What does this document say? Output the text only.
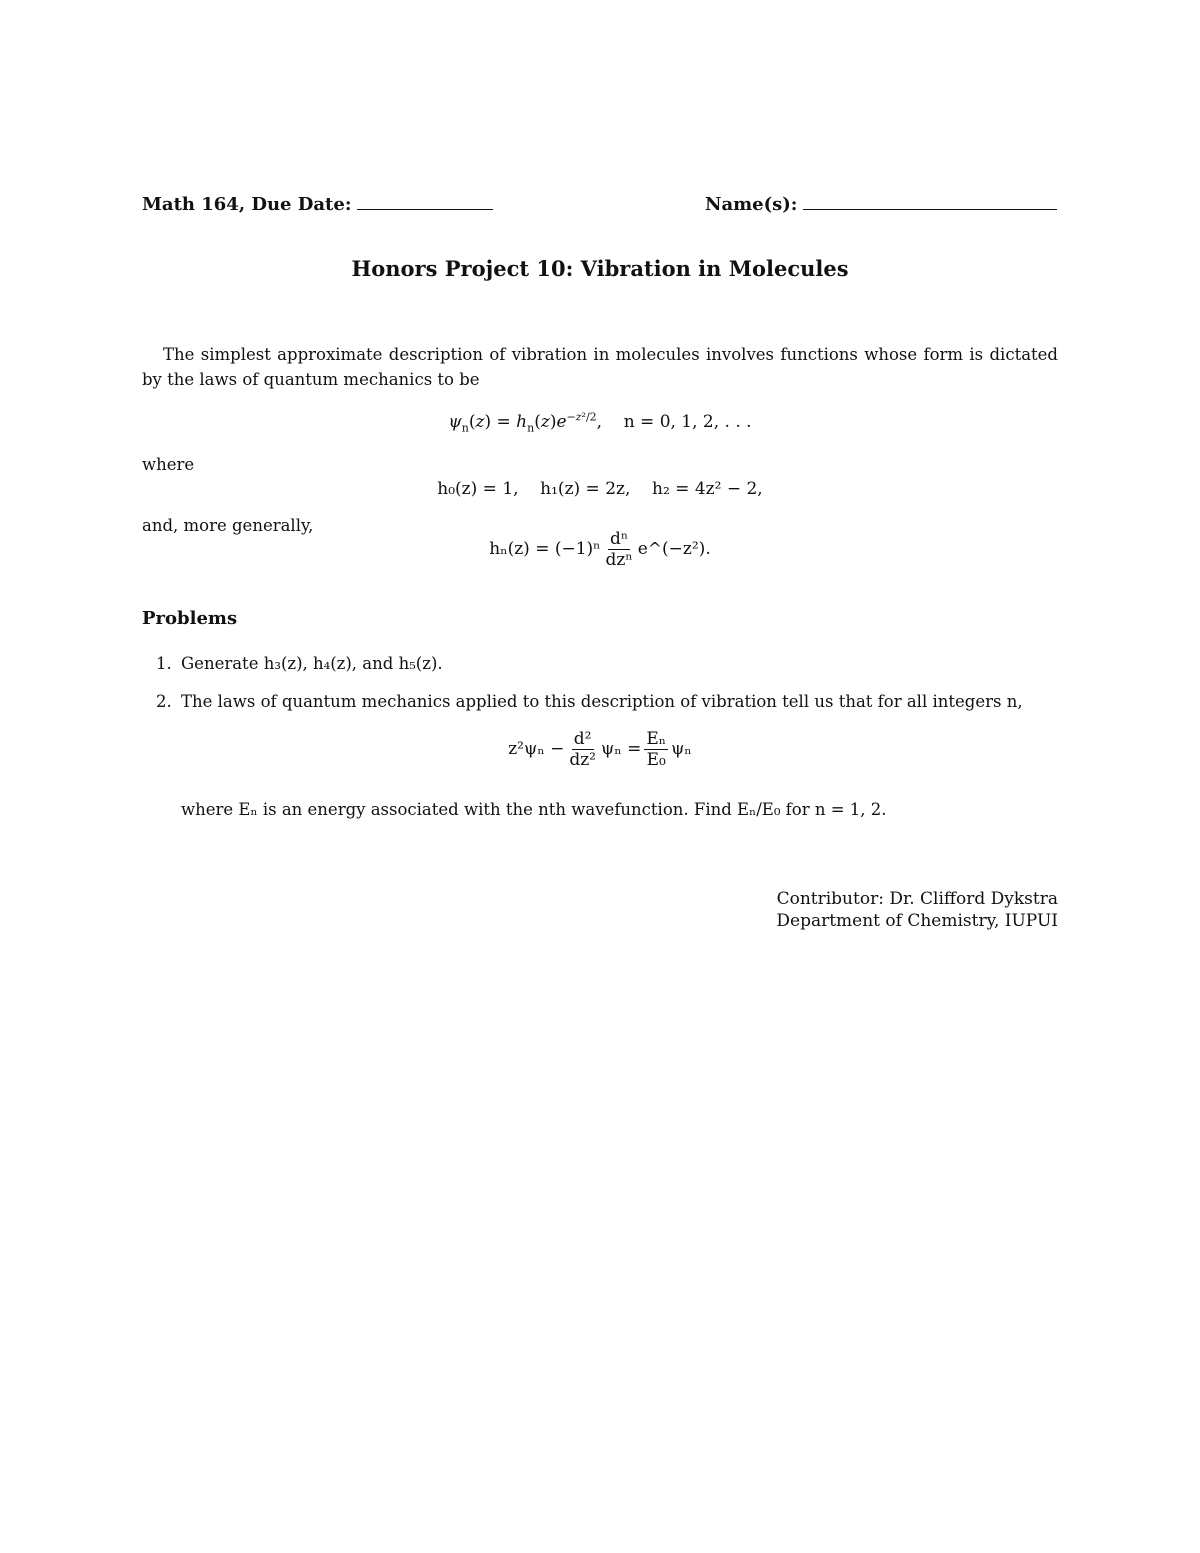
Math 164, Due Date:	Name(s):
Honors Project 10: Vibration in Molecules
The simplest approximate description of vibration in molecules involves functions whose form is dictated by the laws of quantum mechanics to be
$\psi_n(z) = h_n(z)e^{-z^2/2}$,    n = 0, 1, 2, . . .
where
h₀(z) = 1, h₁(z) = 2z, h₂ = 4z² − 2,
and, more generally,
$h_n(z) = (-1)^n \frac{\text{dⁿ}}{\text{dzⁿ}}$ e^(−z²).
Problems
1. Generate h₃(z), h₄(z), and h₅(z).
2. The laws of quantum mechanics applied to this description of vibration tell us that for all integers n,
$z^2\psi_n - \frac{\text{d²}}{\text{dz²}}$ $\psi_n = \frac{\text{Eₙ}}{\text{E₀}}$ ψₙ
where Eₙ is an energy associated with the nth wavefunction. Find Eₙ/E₀ for n = 1, 2.
Contributor: Dr. Clifford Dykstra
Department of Chemistry, IUPUI
